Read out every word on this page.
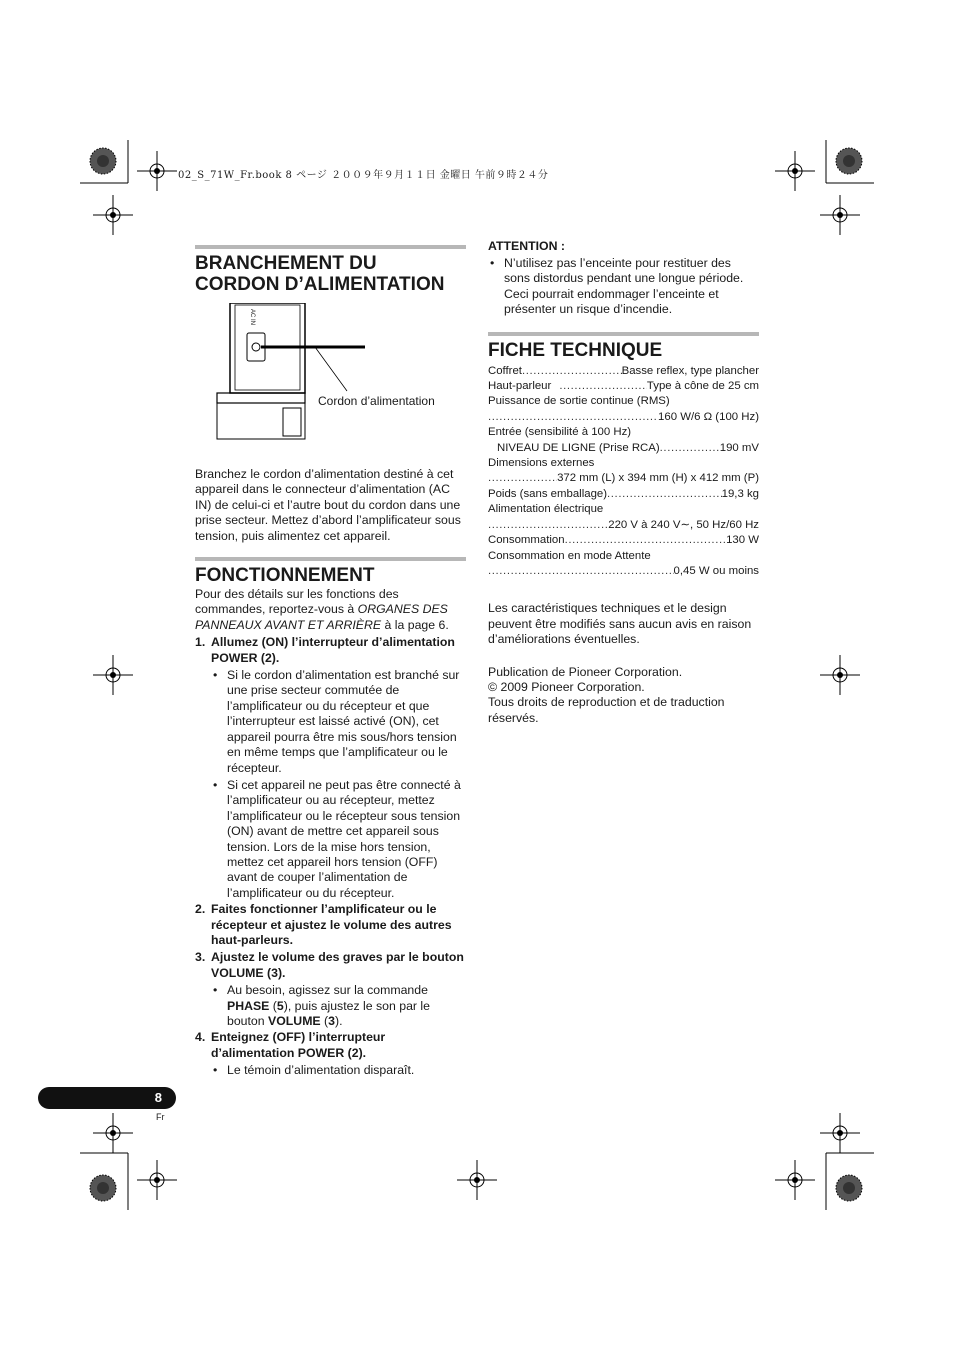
02_S_71W_Fr.book 8 ページ ２００９年９月１１日 金曜日 午前９時２４分
BRANCHEMENT DU CORDON D’ALIMENTATION
AC IN
Cordon d’alimentation

Branchez le cordon d’alimentation destiné à cet appareil dans le connecteur d’alimentation (AC IN) de celui-ci et l’autre bout du cordon dans une prise secteur. Mettez d’abord l’amplificateur sous tension, puis alimentez cet appareil.

FONCTIONNEMENT
Pour des détails sur les fonctions des commandes, reportez-vous à ORGANES DES PANNEAUX AVANT ET ARRIÈRE à la page 6.
1. Allumez (ON) l’interrupteur d’alimentation POWER (2).
• Si le cordon d’alimentation est branché sur une prise secteur commutée de l’amplificateur ou du récepteur et que l’interrupteur est laissé activé (ON), cet appareil pourra être mis sous/hors tension en même temps que l’amplificateur ou le récepteur.
• Si cet appareil ne peut pas être connecté à l’amplificateur ou au récepteur, mettez l’amplificateur ou le récepteur sous tension (ON) avant de mettre cet appareil sous tension. Lors de la mise hors tension, mettez cet appareil hors tension (OFF) avant de couper l’alimentation de l’amplificateur ou du récepteur.
2. Faites fonctionner l’amplificateur ou le récepteur et ajustez le volume des autres haut-parleurs.
3. Ajustez le volume des graves par le bouton VOLUME (3).
• Au besoin, agissez sur la commande PHASE (5), puis ajustez le son par le bouton VOLUME (3).
4. Enteignez (OFF) l’interrupteur d’alimentation POWER (2).
• Le témoin d’alimentation disparaît.
ATTENTION :
• N’utilisez pas l’enceinte pour restituer des sons distordus pendant une longue période. Ceci pourrait endommager l’enceinte et présenter un risque d’incendie.
FICHE TECHNIQUE
Coffret .....	Basse reflex, type plancher
Haut-parleur .....	Type à cône de 25 cm
Puissance de sortie continue (RMS)
.....
160 W/6 Ω (100 Hz)
Entrée (sensibilité à 100 Hz)
NIVEAU DE LIGNE (Prise RCA) .....	190 mV
Dimensions externes
.....
372 mm (L) x 394 mm (H) x 412 mm (P)
Poids (sans emballage) .....	19,3 kg
Alimentation électrique
.....
220 V à 240 V∼, 50 Hz/60 Hz
Consommation .....	130 W
Consommation en mode Attente
.....
0,45 W ou moins

Les caractéristiques techniques et le design peuvent être modifiés sans aucun avis en raison d’améliorations éventuelles.

Publication de Pioneer Corporation.

© 2009 Pioneer Corporation.

Tous droits de reproduction et de traduction réservés.

8
Fr
